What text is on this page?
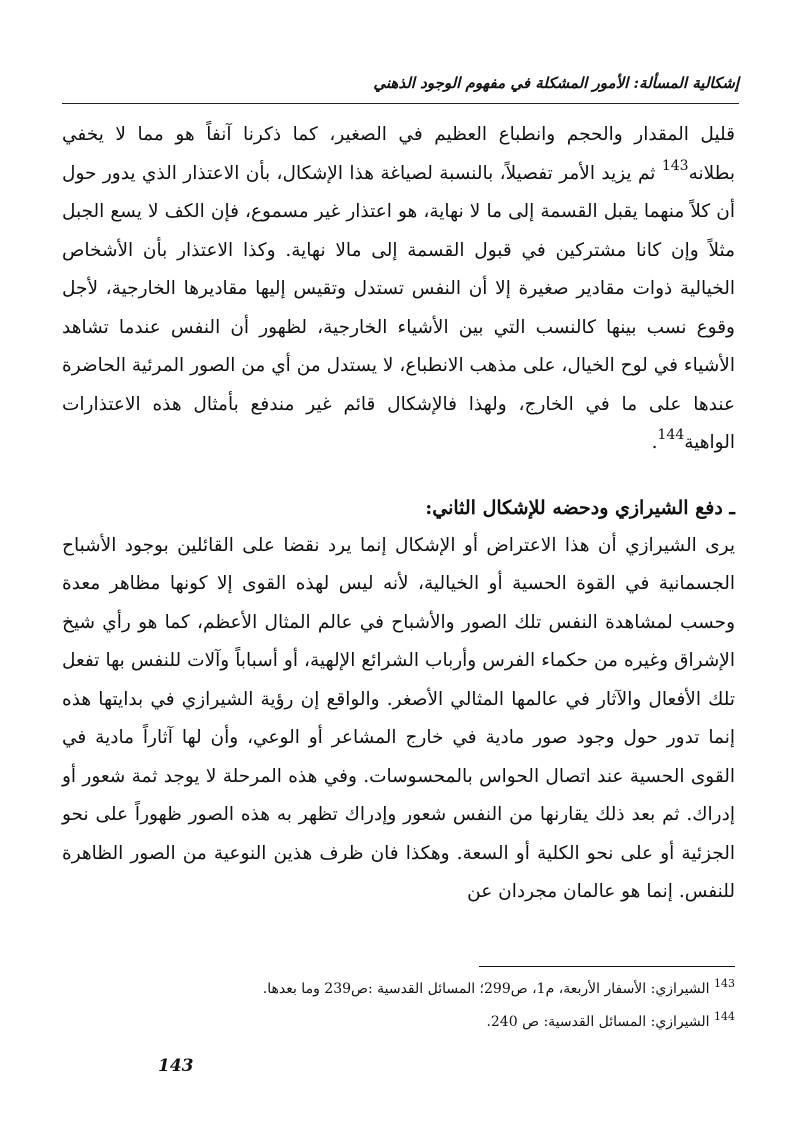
إشكالية المسألة: الأمور المشكلة في مفهوم الوجود الذهني

قليل المقدار والحجم وانطباع العظيم في الصغير، كما ذكرنا آنفاً هو مما لا يخفي بطلانه$^{143}$ ثم يزيد الأمر تفصيلاً، بالنسبة لصياغة هذا الإشكال، بأن الاعتذار الذي يدور حول أن كلاً منهما يقبل القسمة إلى ما لا نهاية، هو اعتذار غير مسموع، فإن الكف لا يسع الجبل مثلاً وإن كانا مشتركين في قبول القسمة إلى مالا نهاية. وكذا الاعتذار بأن الأشخاص الخيالية ذوات مقادير صغيرة إلا أن النفس تستدل وتقيس إليها مقاديرها الخارجية، لأجل وقوع نسب بينها كالنسب التي بين الأشياء الخارجية، لظهور أن النفس عندما تشاهد الأشياء في لوح الخيال، على مذهب الانطباع، لا يستدل من أي من الصور المرئية الحاضرة عندها على ما في الخارج، ولهذا فالإشكال قائم غير مندفع بأمثال هذه الاعتذارات الواهية$^{144}$.

ـ دفع الشيرازي ودحضه للإشكال الثاني:

يرى الشيرازي أن هذا الاعتراض أو الإشكال إنما يرد نقضا على القائلين بوجود الأشباح الجسمانية في القوة الحسية أو الخيالية، لأنه ليس لهذه القوى إلا كونها مظاهر معدة وحسب لمشاهدة النفس تلك الصور والأشباح في عالم المثال الأعظم، كما هو رأي شيخ الإشراق وغيره من حكماء الفرس وأرباب الشرائع الإلهية، أو أسباباً وآلات للنفس بها تفعل تلك الأفعال والآثار في عالمها المثالي الأصغر. والواقع إن رؤية الشيرازي في بدايتها هذه إنما تدور حول وجود صور مادية في خارج المشاعر أو الوعي، وأن لها آثاراً مادية في القوى الحسية عند اتصال الحواس بالمحسوسات. وفي هذه المرحلة لا يوجد ثمة شعور أو إدراك. ثم بعد ذلك يقارنها من النفس شعور وإدراك تظهر به هذه الصور ظهوراً على نحو الجزئية أو على نحو الكلية أو السعة. وهكذا فان ظرف هذين النوعية من الصور الظاهرة للنفس. إنما هو عالمان مجردان عن

$^{143}$ الشيرازي: الأسفار الأربعة، م1، ص299؛ المسائل القدسية :ص239 وما بعدها.
$^{144}$ الشيرازي: المسائل القدسية: ص 240.
143
